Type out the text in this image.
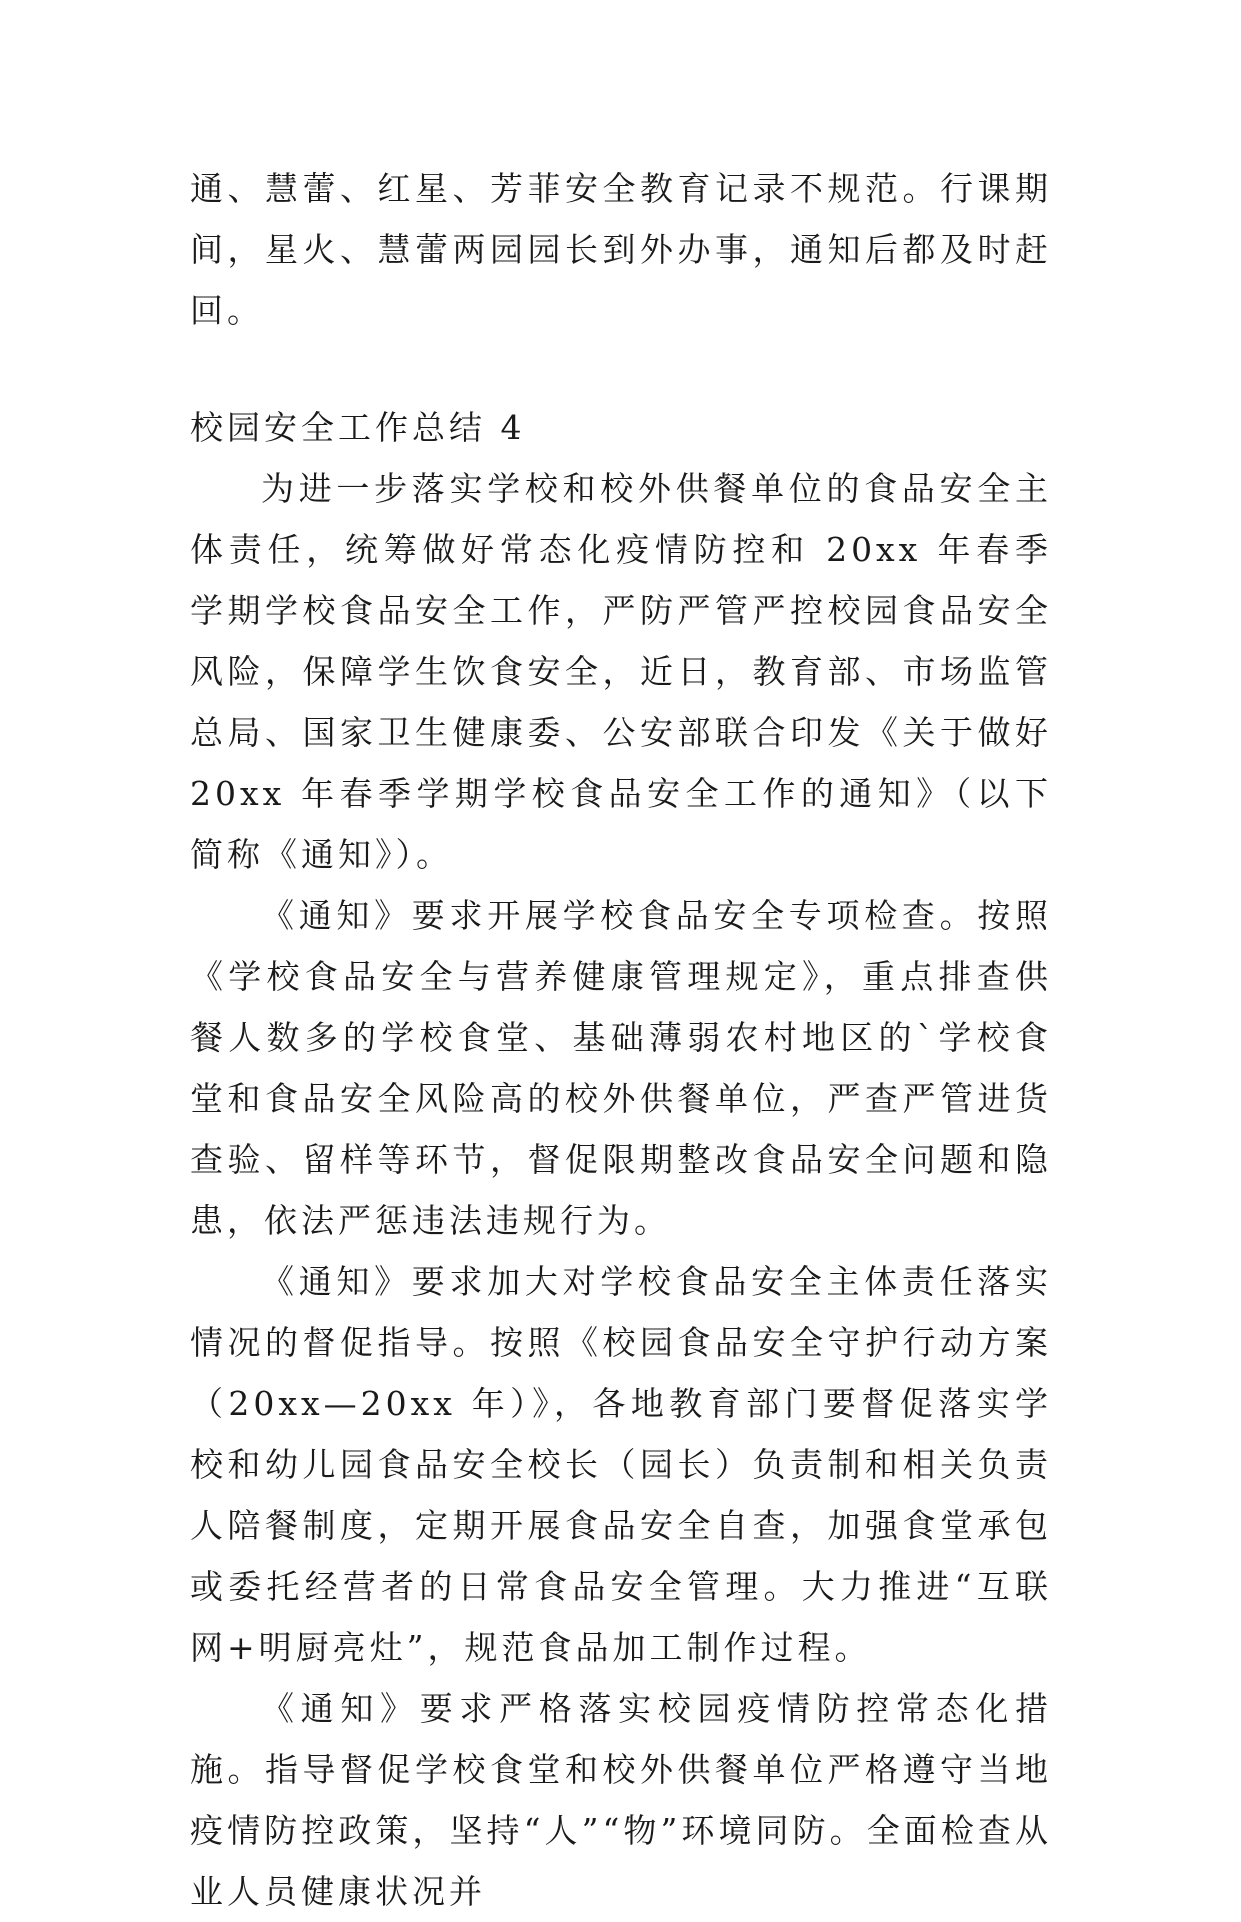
通、慧蕾、红星、芳菲安全教育记录不规范。行课期间，星火、慧蕾两园园长到外办事，通知后都及时赶回。

校园安全工作总结 4

为进一步落实学校和校外供餐单位的食品安全主体责任，统筹做好常态化疫情防控和 20xx 年春季学期学校食品安全工作，严防严管严控校园食品安全风险，保障学生饮食安全，近日，教育部、市场监管总局、国家卫生健康委、公安部联合印发《关于做好 20xx 年春季学期学校食品安全工作的通知》（以下简称《通知》）。

《通知》要求开展学校食品安全专项检查。按照《学校食品安全与营养健康管理规定》，重点排查供餐人数多的学校食堂、基础薄弱农村地区的`学校食堂和食品安全风险高的校外供餐单位，严查严管进货查验、留样等环节，督促限期整改食品安全问题和隐患，依法严惩违法违规行为。

《通知》要求加大对学校食品安全主体责任落实情况的督促指导。按照《校园食品安全守护行动方案（20xx—20xx 年）》，各地教育部门要督促落实学校和幼儿园食品安全校长（园长）负责制和相关负责人陪餐制度，定期开展食品安全自查，加强食堂承包或委托经营者的日常食品安全管理。大力推进“互联网+明厨亮灶”，规范食品加工制作过程。

《通知》要求严格落实校园疫情防控常态化措施。指导督促学校食堂和校外供餐单位严格遵守当地疫情防控政策，坚持“人”“物”环境同防。全面检查从业人员健康状况并
